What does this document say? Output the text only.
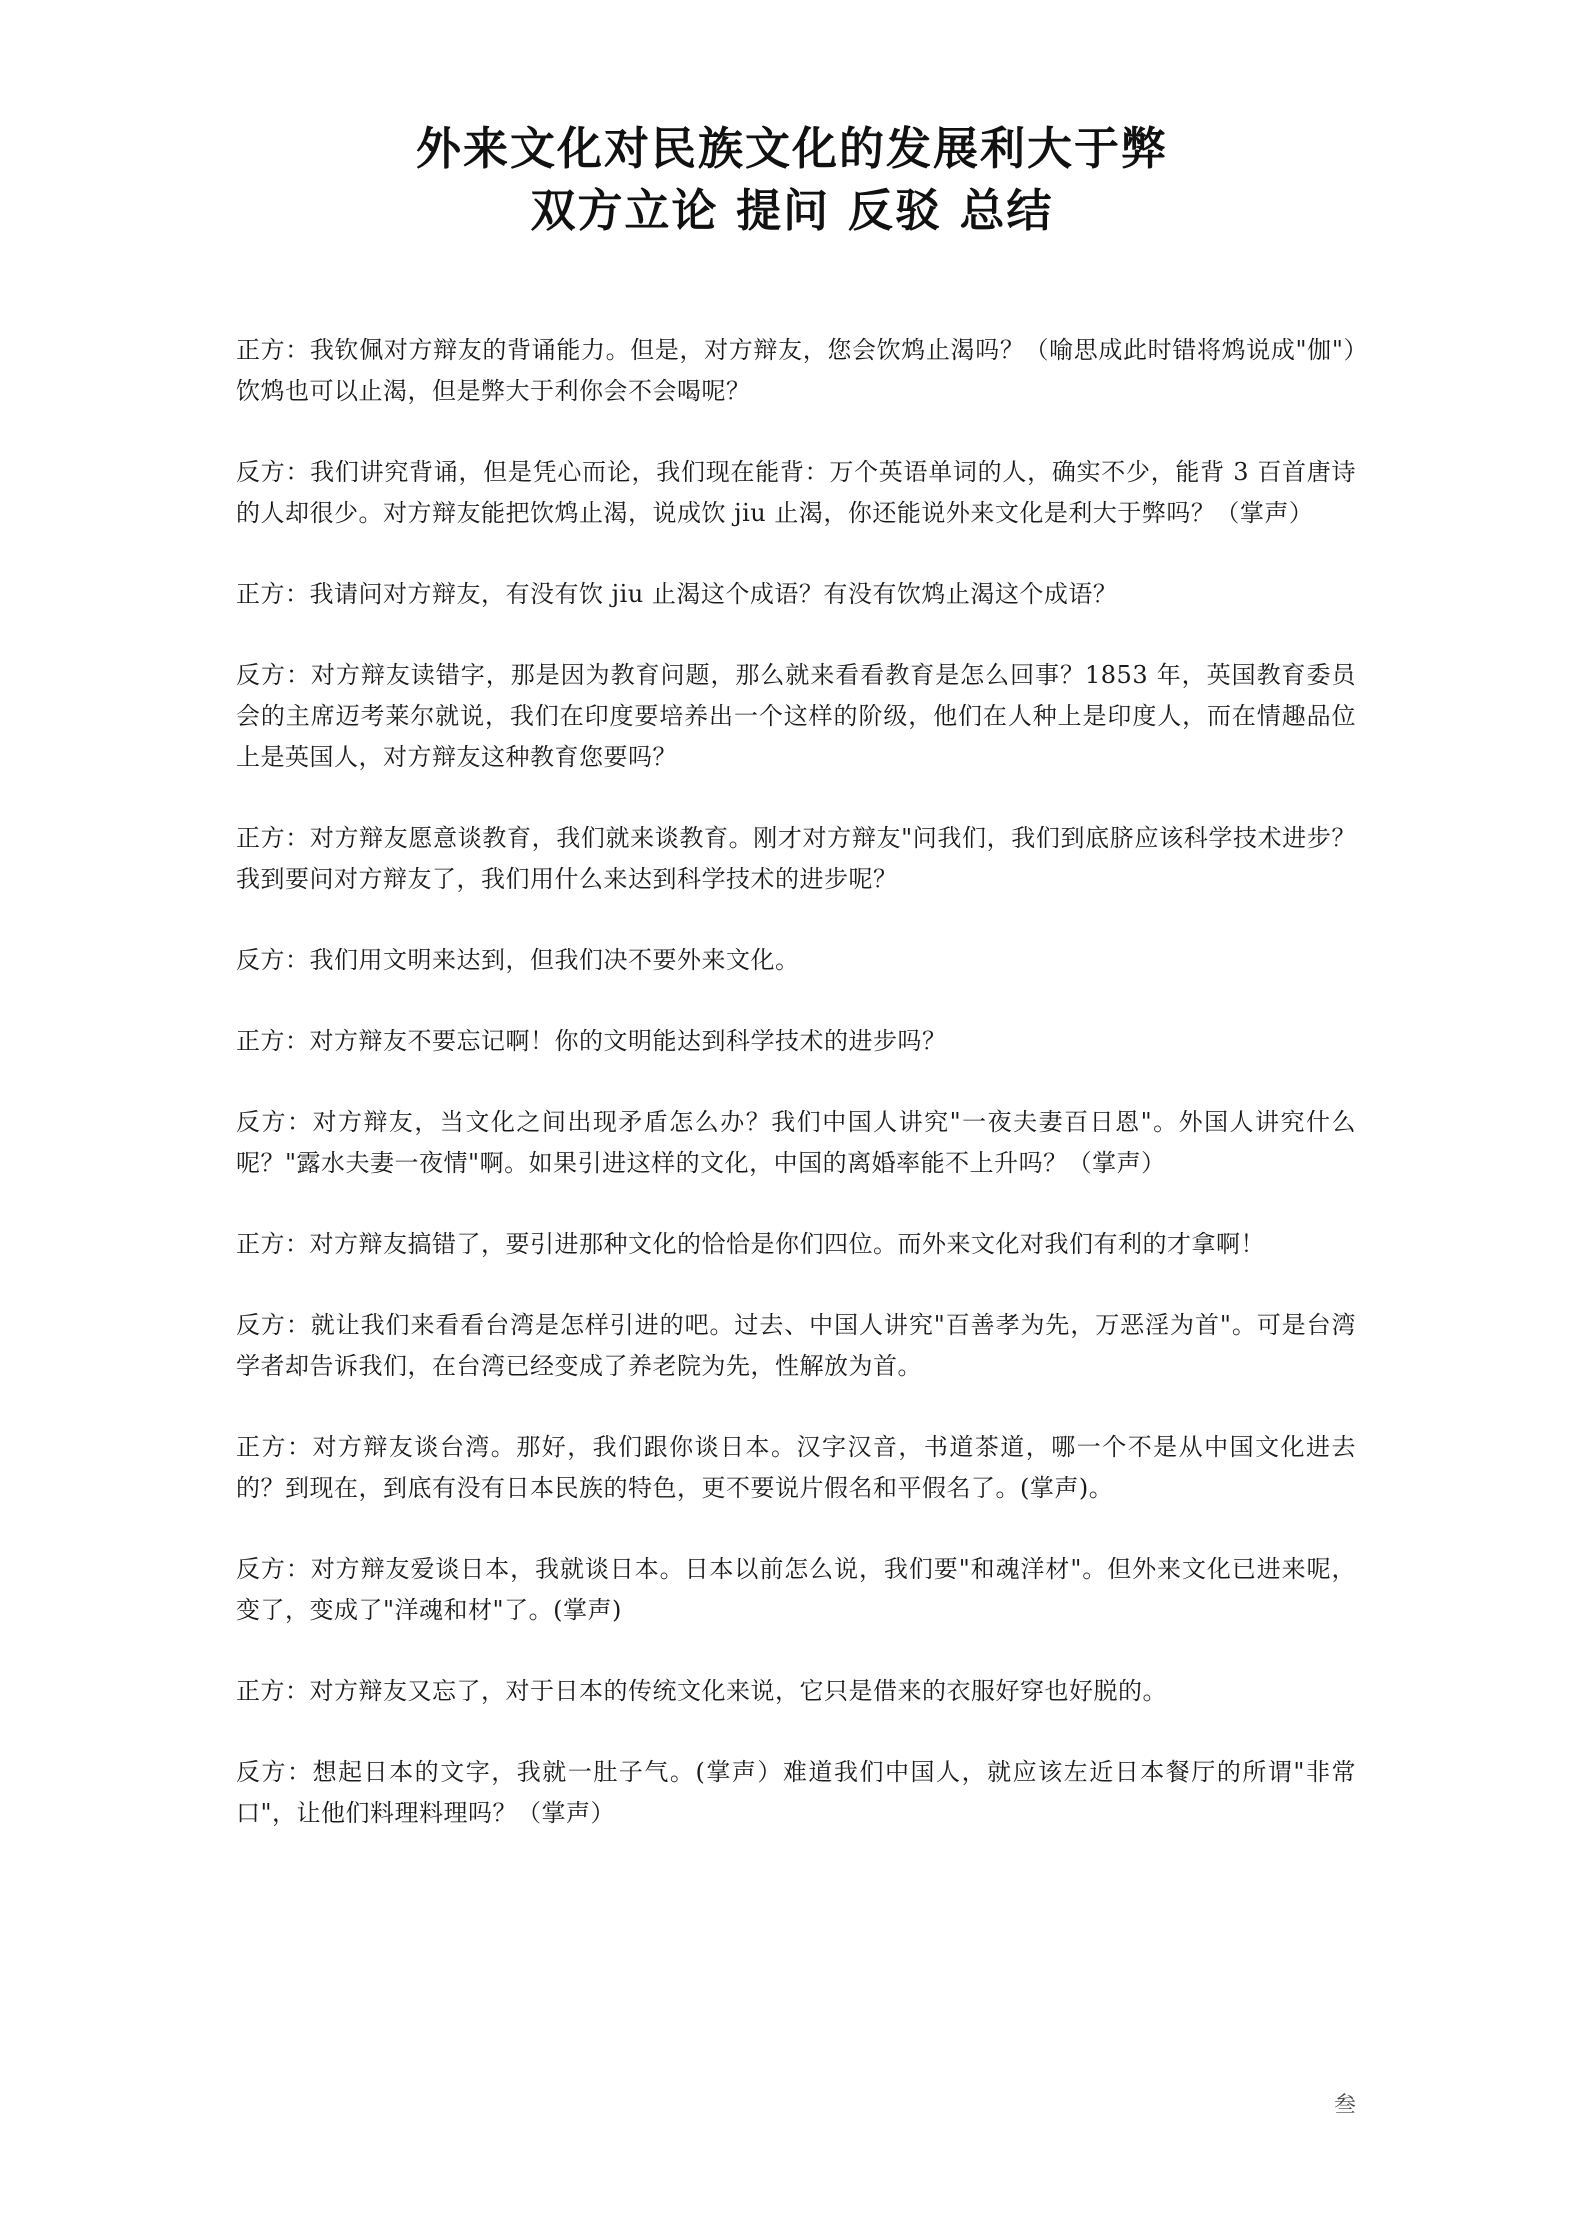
外来文化对民族文化的发展利大于弊
双方立论 提问 反驳 总结

正方：我钦佩对方辩友的背诵能力。但是，对方辩友，您会饮鸩止渴吗？（喻思成此时错将鸩说成"伽"）饮鸩也可以止渴，但是弊大于利你会不会喝呢？

反方：我们讲究背诵，但是凭心而论，我们现在能背：万个英语单词的人，确实不少，能背 3 百首唐诗的人却很少。对方辩友能把饮鸩止渴，说成饮 jiu 止渴，你还能说外来文化是利大于弊吗？（掌声）

正方：我请问对方辩友，有没有饮 jiu 止渴这个成语？有没有饮鸩止渴这个成语？

反方：对方辩友读错字，那是因为教育问题，那么就来看看教育是怎么回事？1853 年，英国教育委员会的主席迈考莱尔就说，我们在印度要培养出一个这样的阶级，他们在人种上是印度人，而在情趣品位上是英国人，对方辩友这种教育您要吗？

正方：对方辩友愿意谈教育，我们就来谈教育。刚才对方辩友"问我们，我们到底脐应该科学技术进步？我到要问对方辩友了，我们用什么来达到科学技术的进步呢？

反方：我们用文明来达到，但我们决不要外来文化。

正方：对方辩友不要忘记啊！你的文明能达到科学技术的进步吗？

反方：对方辩友，当文化之间出现矛盾怎么办？我们中国人讲究"一夜夫妻百日恩"。外国人讲究什么呢？"露水夫妻一夜情"啊。如果引进这样的文化，中国的离婚率能不上升吗？（掌声）

正方：对方辩友搞错了，要引进那种文化的恰恰是你们四位。而外来文化对我们有利的才拿啊！

反方：就让我们来看看台湾是怎样引进的吧。过去、中国人讲究"百善孝为先，万恶淫为首"。可是台湾学者却告诉我们，在台湾已经变成了养老院为先，性解放为首。

正方：对方辩友谈台湾。那好，我们跟你谈日本。汉字汉音，书道茶道，哪一个不是从中国文化进去的？到现在，到底有没有日本民族的特色，更不要说片假名和平假名了。(掌声)。

反方：对方辩友爱谈日本，我就谈日本。日本以前怎么说，我们要"和魂洋材"。但外来文化已进来呢，变了，变成了"洋魂和材"了。(掌声)

正方：对方辩友又忘了，对于日本的传统文化来说，它只是借来的衣服好穿也好脱的。

反方：想起日本的文字，我就一肚子气。(掌声）难道我们中国人，就应该左近日本餐厅的所谓"非常口"，让他们料理料理吗？（掌声）

叁
